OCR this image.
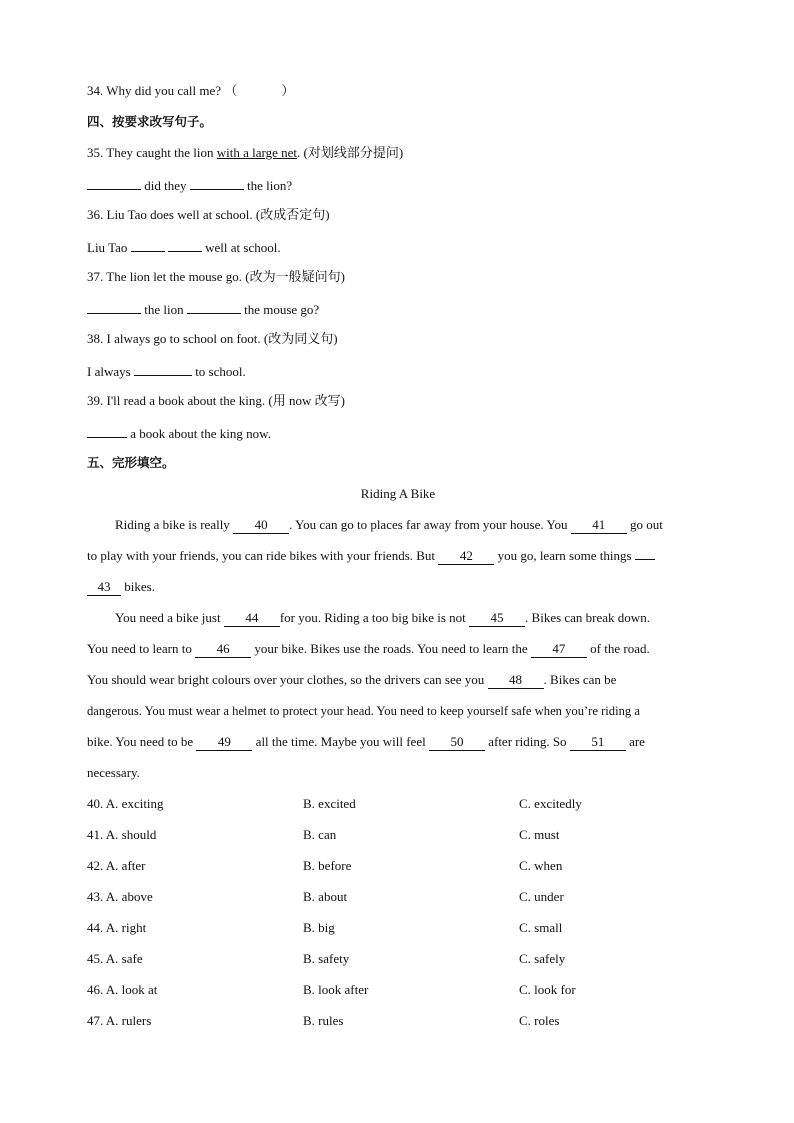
34. Why did you call me? （	）
四、按要求改写句子。
35. They caught the lion with a large net. (对划线部分提问)
did they	the lion?
36. Liu Tao does well at school. (改成否定句)
Liu Tao	well at school.
37. The lion let the mouse go. (改为一般疑问句)
the lion	the mouse go?
38. I always go to school on foot. (改为同义句)
I always	to school.
39. I'll read a book about the king. (用 now 改写)
a book about the king now.
五、完形填空。
Riding A Bike
Riding a bike is really 40 . You can go to places far away from your house. You 41 go out
to play with your friends, you can ride bikes with your friends. But 42 you go, learn some things
43 bikes.
You need a bike just 44 for you. Riding a too big bike is not 45 . Bikes can break down.
You need to learn to 46 your bike. Bikes use the roads. You need to learn the 47 of the road.
You should wear bright colours over your clothes, so the drivers can see you 48 . Bikes can be
dangerous. You must wear a helmet to protect your head. You need to keep yourself safe when you’re riding a
bike. You need to be 49 all the time. Maybe you will feel 50 after riding. So 51 are
necessary.
40. A. exciting	B. excited	C. excitedly
41. A. should	B. can	C. must
42. A. after	B. before	C. when
43. A. above	B. about	C. under
44. A. right	B. big	C. small
45. A. safe	B. safety	C. safely
46. A. look at	B. look after	C. look for
47. A. rulers	B. rules	C. roles
